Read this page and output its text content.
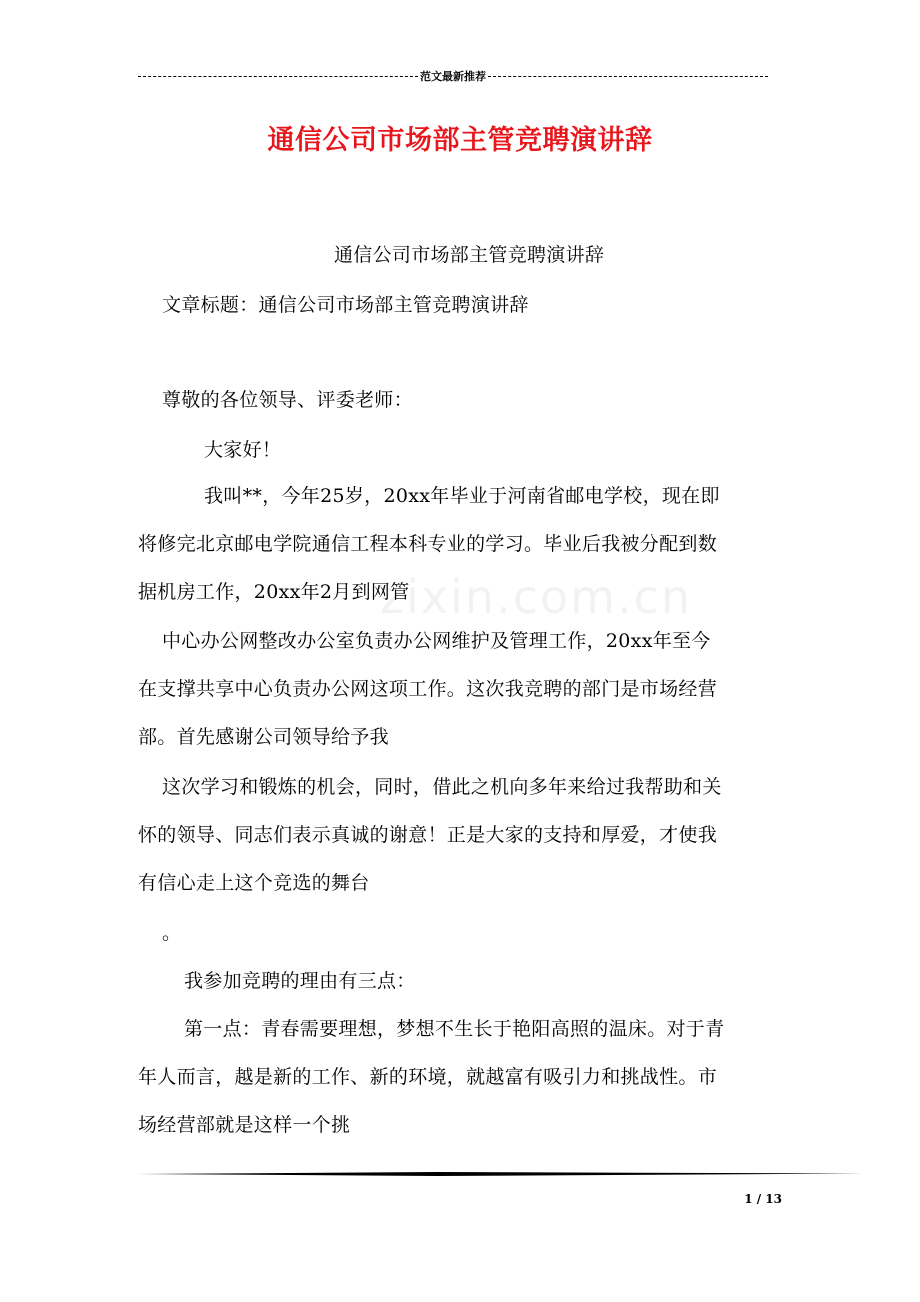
范文最新推荐
通信公司市场部主管竞聘演讲辞
zixin.com.cn
通信公司市场部主管竞聘演讲辞
文章标题：通信公司市场部主管竞聘演讲辞
尊敬的各位领导、评委老师：
大家好！
我叫**，今年25岁，20xx年毕业于河南省邮电学校，现在即
将修完北京邮电学院通信工程本科专业的学习。毕业后我被分配到数
据机房工作，20xx年2月到网管
中心办公网整改办公室负责办公网维护及管理工作，20xx年至今
在支撑共享中心负责办公网这项工作。这次我竞聘的部门是市场经营
部。首先感谢公司领导给予我
这次学习和锻炼的机会，同时，借此之机向多年来给过我帮助和关
怀的领导、同志们表示真诚的谢意！正是大家的支持和厚爱，才使我
有信心走上这个竞选的舞台
。
我参加竞聘的理由有三点：
第一点：青春需要理想，梦想不生长于艳阳高照的温床。对于青
年人而言，越是新的工作、新的环境，就越富有吸引力和挑战性。市
场经营部就是这样一个挑
1 / 13
